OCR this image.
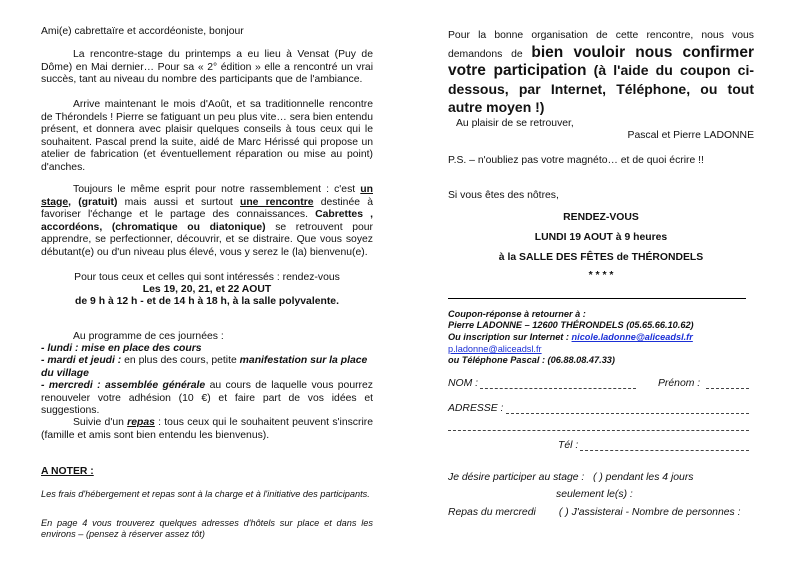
Ami(e) cabrettaïre et accordéoniste, bonjour

La rencontre-stage du printemps a eu lieu à Vensat (Puy de Dôme) en Mai dernier… Pour sa « 2° édition » elle a rencontré un vrai succès, tant au niveau du nombre des participants que de l'ambiance.

Arrive maintenant le mois d'Août, et sa traditionnelle rencontre de Thérondels ! Pierre se fatiguant un peu plus vite… sera bien entendu présent, et donnera avec plaisir quelques conseils à tous ceux qui le souhaitent. Pascal prend la suite, aidé de Marc Hérissé qui propose un atelier de fabrication (et éventuellement réparation ou mise au point) d'anches.

Toujours le même esprit pour notre rassemblement : c'est un stage, (gratuit) mais aussi et surtout une rencontre destinée à favoriser l'échange et le partage des connaissances. Cabrettes , accordéons, (chromatique ou diatonique) se retrouvent pour apprendre, se perfectionner, découvrir, et se distraire. Que vous soyez débutant(e) ou d'un niveau plus élevé, vous y serez le (la) bienvenu(e).

Pour tous ceux et celles qui sont intéressés : rendez-vous

Les 19, 20, 21, et 22 AOUT

de 9 h à 12 h - et de 14 h à 18 h, à la salle polyvalente.

Au programme de ces journées :

- lundi : mise en place des cours

- mardi et jeudi : en plus des cours, petite manifestation sur la place du village

- mercredi : assemblée générale au cours de laquelle vous pourrez renouveler votre adhésion (10 €) et faire part de vos idées et suggestions.

Suivie d'un repas : tous ceux qui le souhaitent peuvent s'inscrire (famille et amis sont bien entendu les bienvenus).

A NOTER :

Les frais d'hébergement et repas sont à la charge et à l'initiative des participants.

En page 4 vous trouverez quelques adresses d'hôtels sur place et dans les environs – (pensez à réserver assez tôt)

Pour la bonne organisation de cette rencontre, nous vous demandons de bien vouloir nous confirmer votre participation (à l'aide du coupon ci-dessous, par Internet, Téléphone, ou tout autre moyen !)

Au plaisir de se retrouver,

Pascal et Pierre LADONNE

P.S. – n'oubliez pas votre magnéto… et de quoi écrire !!

Si vous êtes des nôtres,

RENDEZ-VOUS

LUNDI 19 AOUT à 9 heures

à la SALLE DES FÊTES de THÉRONDELS

* * * *

Coupon-réponse à retourner à :

Pierre LADONNE – 12600 THÉRONDELS (05.65.66.10.62)

Ou inscription sur Internet : nicole.ladonne@aliceadsl.fr

p.ladonne@aliceadsl.fr

ou Téléphone Pascal : (06.88.08.47.33)

NOM :	Prénom :
ADRESSE :
Tél :

Je désire participer au stage : ( ) pendant les 4 jours

seulement le(s) :

Repas du mercredi ( ) J'assisterai - Nombre de personnes :
